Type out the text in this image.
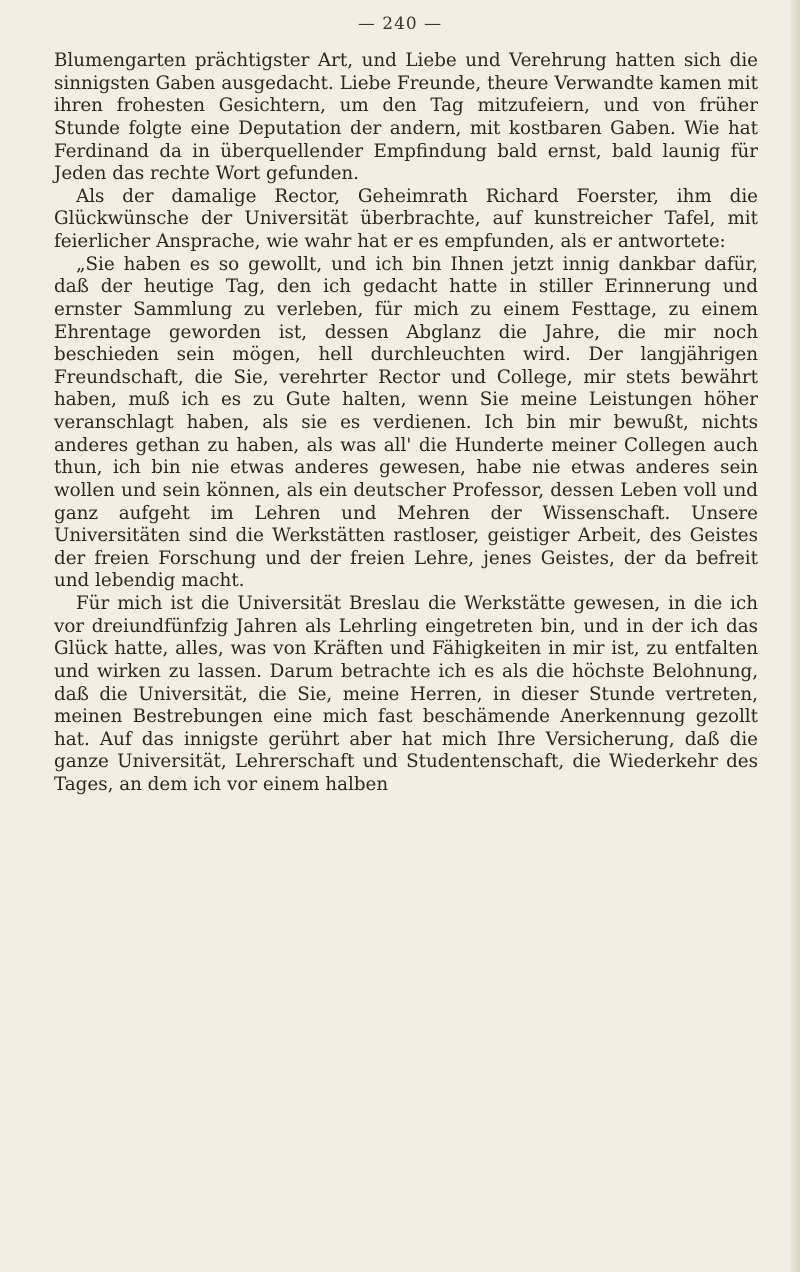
— 240 —

Blumengarten prächtigster Art, und Liebe und Verehrung hatten sich die sinnigsten Gaben ausgedacht. Liebe Freunde, theure Verwandte kamen mit ihren frohesten Gesichtern, um den Tag mitzufeiern, und von früher Stunde folgte eine Deputation der andern, mit kostbaren Gaben. Wie hat Ferdinand da in überquellender Empfindung bald ernst, bald launig für Jeden das rechte Wort gefunden.

Als der damalige Rector, Geheimrath Richard Foerster, ihm die Glückwünsche der Universität überbrachte, auf kunstreicher Tafel, mit feierlicher Ansprache, wie wahr hat er es empfunden, als er antwortete:

„Sie haben es so gewollt, und ich bin Ihnen jetzt innig dankbar dafür, daß der heutige Tag, den ich gedacht hatte in stiller Erinnerung und ernster Sammlung zu verleben, für mich zu einem Festtage, zu einem Ehrentage geworden ist, dessen Abglanz die Jahre, die mir noch beschieden sein mögen, hell durchleuchten wird. Der langjährigen Freundschaft, die Sie, verehrter Rector und College, mir stets bewährt haben, muß ich es zu Gute halten, wenn Sie meine Leistungen höher veranschlagt haben, als sie es verdienen. Ich bin mir bewußt, nichts anderes gethan zu haben, als was all' die Hunderte meiner Collegen auch thun, ich bin nie etwas anderes gewesen, habe nie etwas anderes sein wollen und sein können, als ein deutscher Professor, dessen Leben voll und ganz aufgeht im Lehren und Mehren der Wissenschaft. Unsere Universitäten sind die Werkstätten rastloser, geistiger Arbeit, des Geistes der freien Forschung und der freien Lehre, jenes Geistes, der da befreit und lebendig macht.

Für mich ist die Universität Breslau die Werkstätte gewesen, in die ich vor dreiundfünfzig Jahren als Lehrling eingetreten bin, und in der ich das Glück hatte, alles, was von Kräften und Fähigkeiten in mir ist, zu entfalten und wirken zu lassen. Darum betrachte ich es als die höchste Belohnung, daß die Universität, die Sie, meine Herren, in dieser Stunde vertreten, meinen Bestrebungen eine mich fast beschämende Anerkennung gezollt hat. Auf das innigste gerührt aber hat mich Ihre Versicherung, daß die ganze Universität, Lehrerschaft und Studentenschaft, die Wiederkehr des Tages, an dem ich vor einem halben
